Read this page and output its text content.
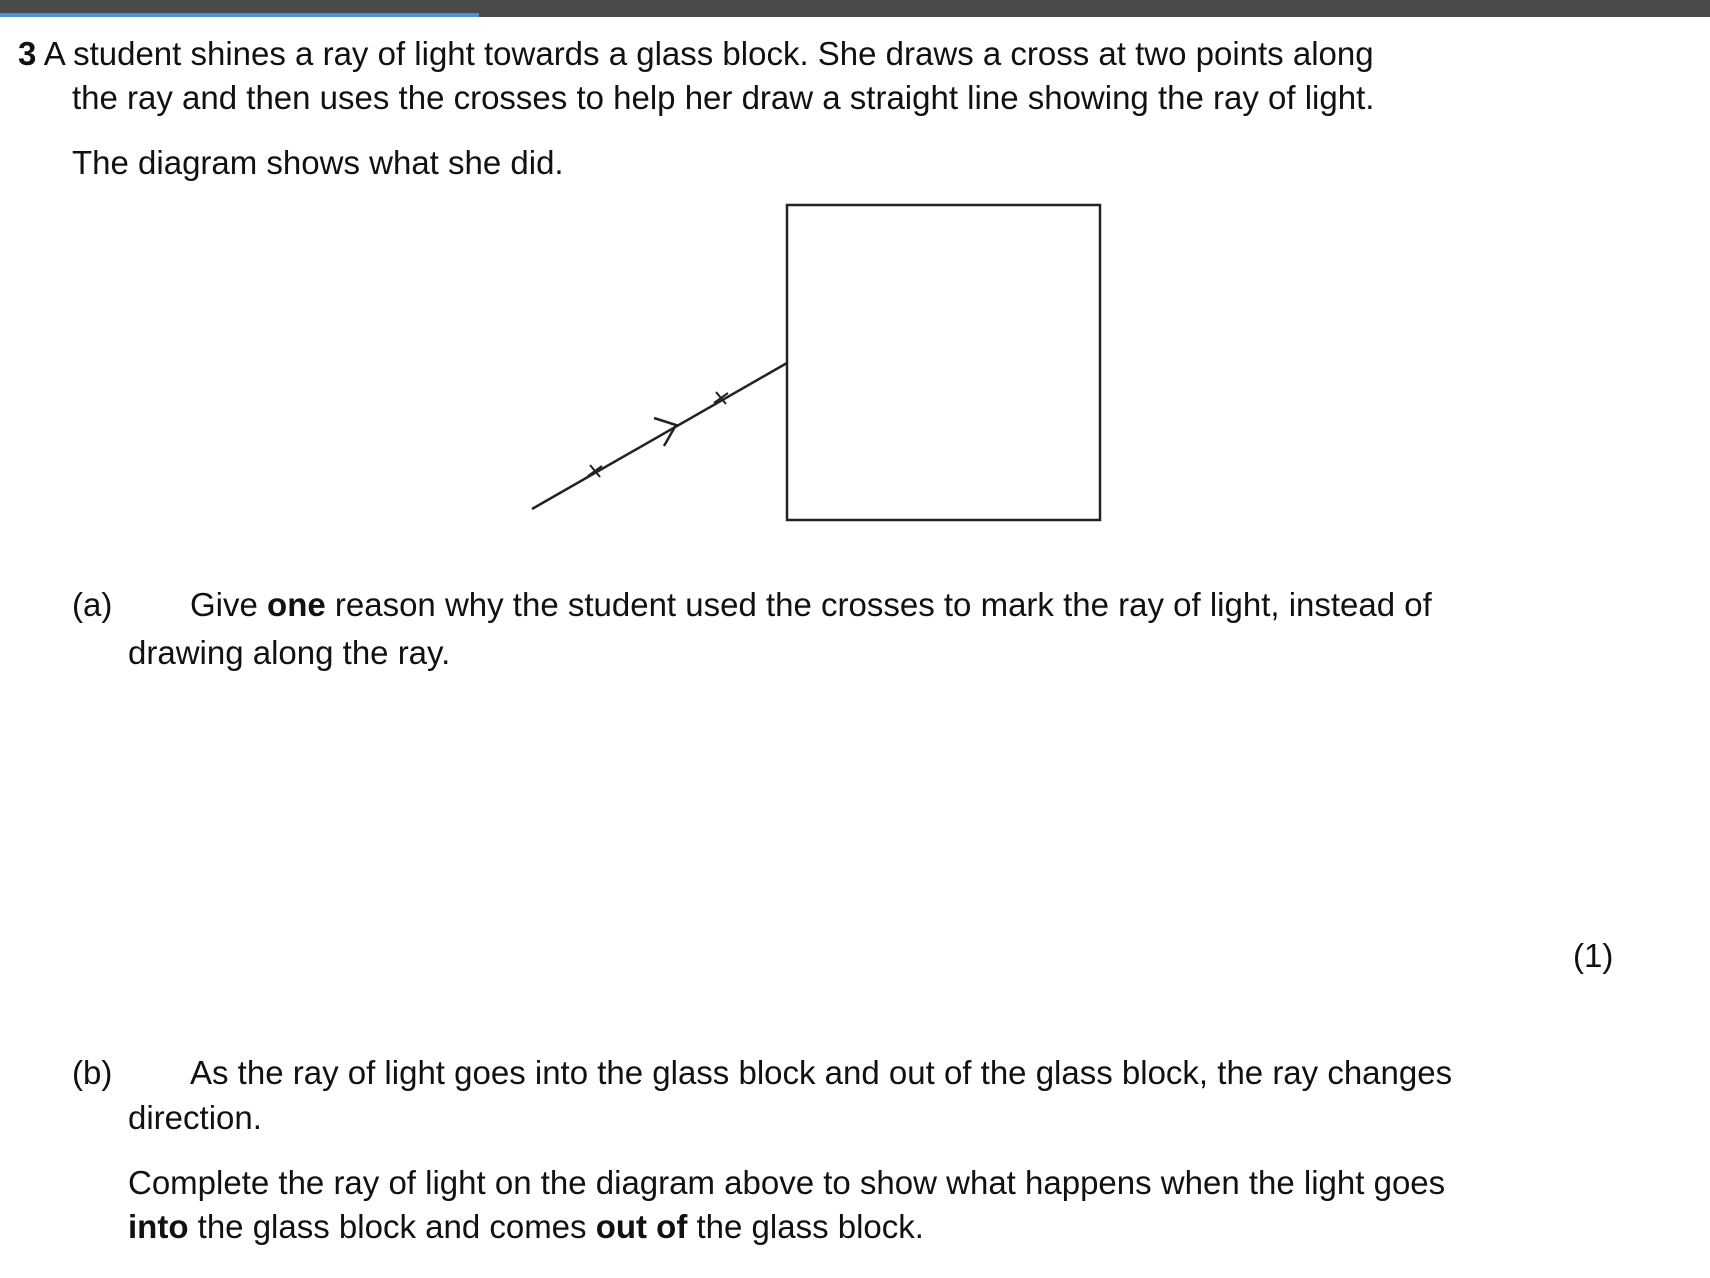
3 A student shines a ray of light towards a glass block. She draws a cross at two points along

the ray and then uses the crosses to help her draw a straight line showing the ray of light.

The diagram shows what she did.

(a) Give one reason why the student used the crosses to mark the ray of light, instead of

drawing along the ray.

(1)

(b) As the ray of light goes into the glass block and out of the glass block, the ray changes

direction.

Complete the ray of light on the diagram above to show what happens when the light goes

into the glass block and comes out of the glass block.
